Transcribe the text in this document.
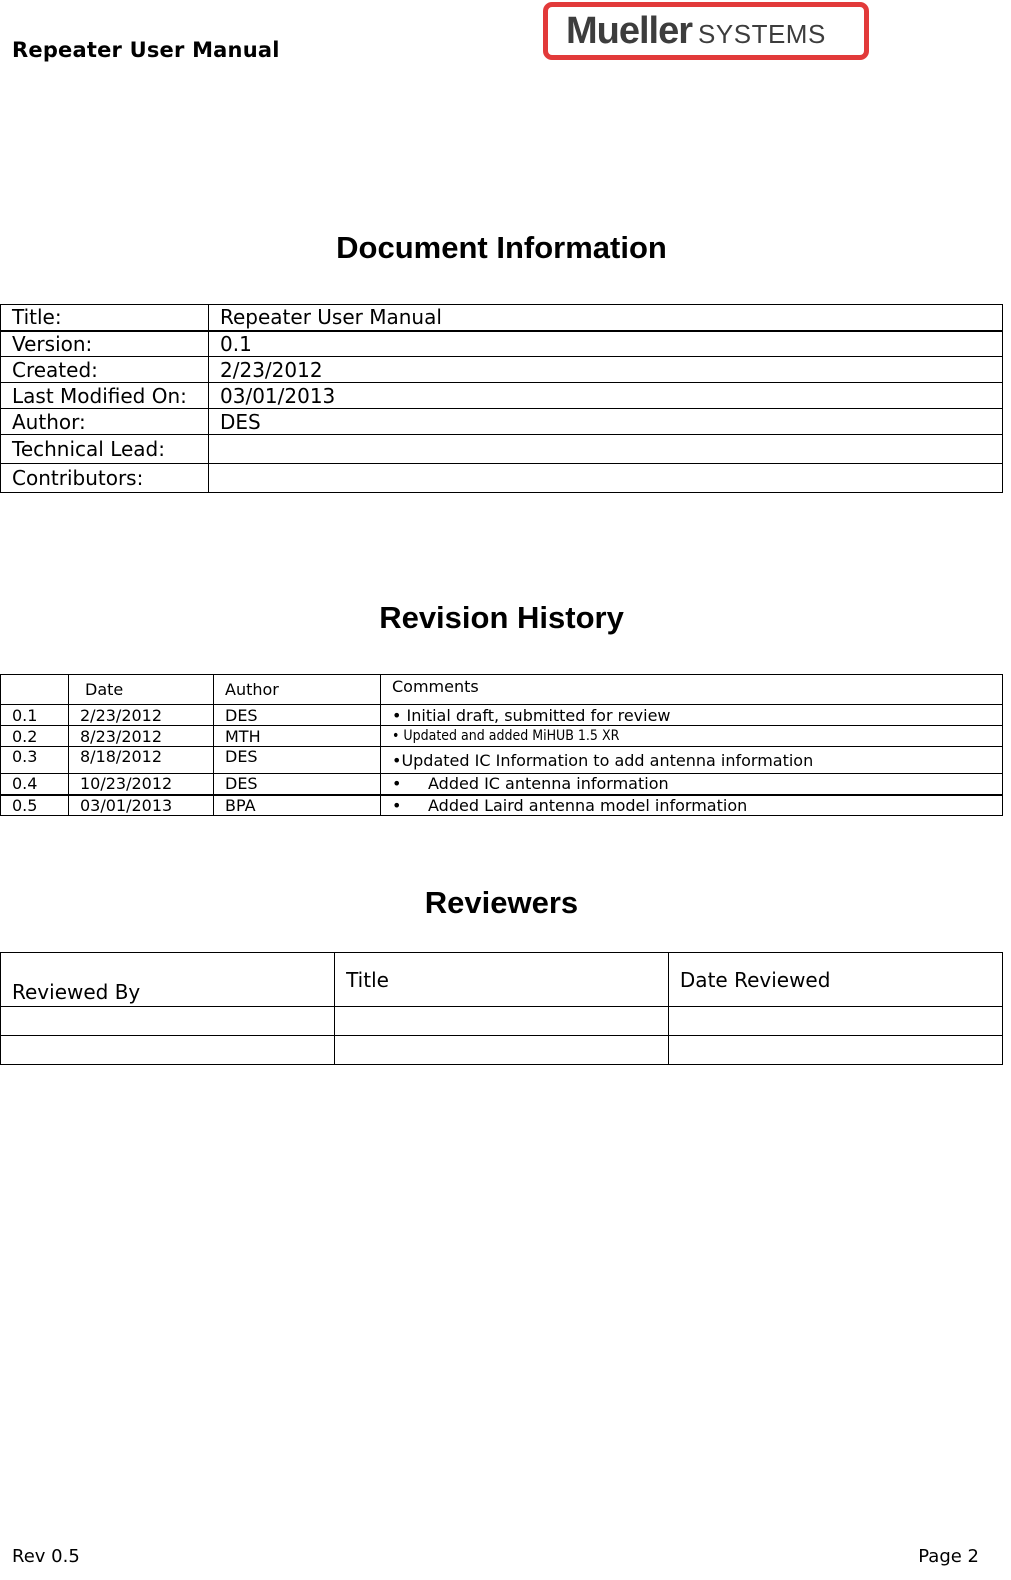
Repeater User Manual	Mueller SYSTEMS
Document Information
Title:	Repeater User Manual
Version:	0.1
Created:	2/23/2012
Last Modified On:	03/01/2013
Author:	DES
Technical Lead:	
Contributors:	
Revision History
	Date	Author	Comments
0.1	2/23/2012	DES	• Initial draft, submitted for review
0.2	8/23/2012	MTH	• Updated and added MiHUB 1.5 XR
0.3	8/18/2012	DES	•Updated IC Information to add antenna information
0.4	10/23/2012	DES	• Added IC antenna information
0.5	03/01/2013	BPA	• Added Laird antenna model information
Reviewers
Reviewed By	Title	Date Reviewed

Rev 0.5	Page 2
